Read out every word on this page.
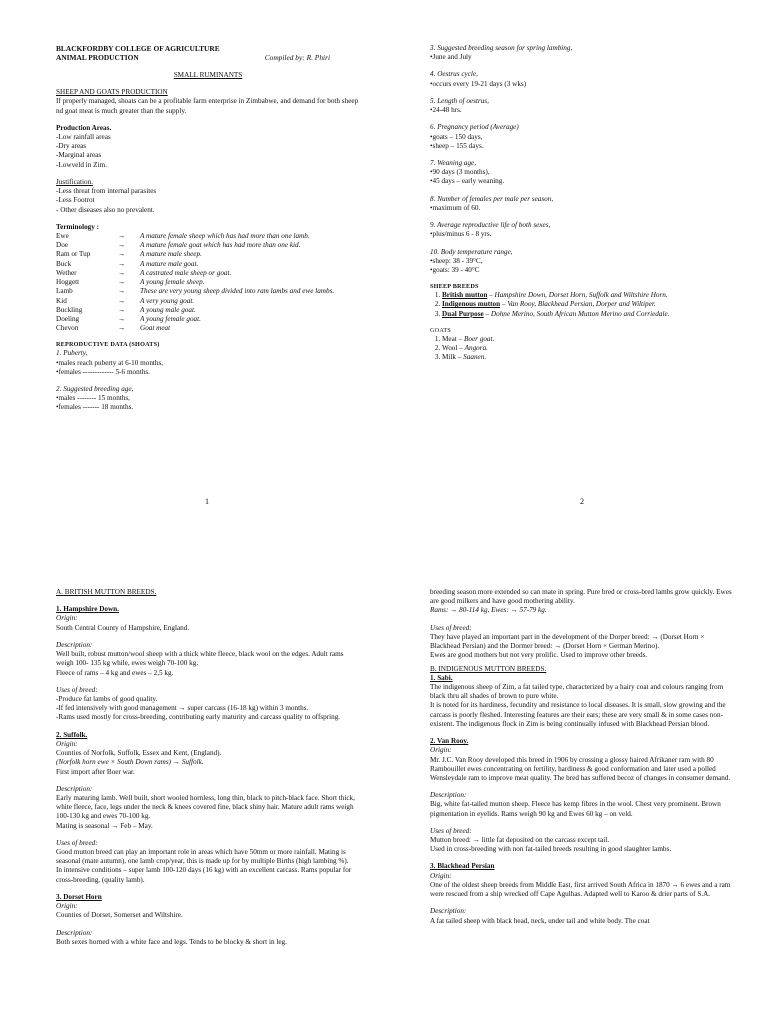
BLACKFORDBY COLLEGE OF AGRICULTURE
ANIMAL PRODUCTION	Compiled by: R. Phiri

SMALL RUMINANTS

SHEEP AND GOATS PRODUCTION

If properly managed, shoats can be a profitable farm enterprise in Zimbabwe, and demand for both sheep nd goat meat is much greater than the supply.

Production Areas.

-Low rainfall areas

-Dry areas

-Marginal areas

-Lowveld in Zim.

Justification.

-Less threat from internal parasites

-Less Footrot

- Other diseases also no prevalent.

Terminology :

Ewe	→	A mature female sheep which has had more than one lamb.
Doe	→	A mature female goat which has had more than one kid.
Ram or Tup	→	A mature male sheep.
Buck	→	A mature male goat.
Wether	→	A castrated male sheep or goat.
Hoggett	→	A young female sheep.
Lamb	→	These are very young sheep divided into ram lambs and ewe lambs.
Kid	→	A very young goat.
Buckling	→	A young male goat.
Doeling	→	A young female goat.
Chevon	→	Goat meat

REPRODUCTIVE DATA (SHOATS)

1. Puberty,

•males reach puberty at 6-10 months,

•females ------------- 5-6 months.

2. Suggested breeding age,

•males -------- 15 months,

•females ------- 18 months.

1

3. Suggested breeding season for spring lambing,

•June and July

4. Oestrus cycle,

•occurs every 19-21 days (3 wks)

5. Length of oestrus,

•24-48 hrs.

6. Pregnancy period (Average)

•goats – 150 days,

•sheep – 155 days.

7. Weaning age,

•90 days (3 months),

•45 days – early weaning.

8. Number of females per male per season,

•maximum of 60.

9. Average reproductive life of both sexes,

•plus/minus 6 - 8 yrs.

10. Body temperature range,

•sheep: 38 - 39°C,

•goats: 39 - 40°C

SHEEP BREEDS

1. British mutton – Hampshire Down, Dorset Horn, Suffolk and Wiltshire Horn.
2. Indigenous mutton – Van Rooy, Blackhead Persian, Dorper and Wiltiper.
3. Dual Purpose – Dohne Merino, South African Mutton Merino and Corriedale.

GOATS

1. Meat – Boer goat.
2. Wool – Angora.
3. Milk – Saanen.
2

A. BRITISH MUTTON BREEDS.

1. Hampshire Down.

Origin:

South Central County of Hampshire, England.

Description:

Well built, robust mutton/wool sheep with a thick white fleece, black wool on the edges. Adult rams weigh 100- 135 kg while, ewes weigh 70-100 kg.

Fleece of rams – 4 kg and ewes – 2,5 kg.

Uses of breed:

-Produce fat lambs of good quality.

-If fed intensively with good management → super carcass (16-18 kg) within 3 months.

-Rams used mostly for cross-breeding, contributing early maturity and carcass quality to offspring.

2. Suffolk.

Origin:

Counties of Norfolk, Suffolk, Essex and Kent, (England).

(Norfolk horn ewe × South Down rams) → Suffolk.

First import after Boer war.

Description:

Early maturing lamb. Well built, short wooled hornless, long thin, black to pitch-black face. Short thick, white fleece, face, legs under the neck & knees covered fine, black shiny hair. Mature adult rams weigh 100-130 kg and ewes 70-100 kg.

Mating is seasonal → Feb – May.

Uses of breed:

Good mutton breed can play an important role in areas which have 50mm or more rainfall. Mating is seasonal (mate autumn), one lamb crop/year, this is made up for by multiple Births (high lambing %).

In intensive conditions – super lamb 100-120 days (16 kg) with an excellent carcass. Rams popular for cross-breeding, (quality lamb).

3. Dorset Horn

Origin:

Counties of Dorset, Somerset and Wiltshire.

Description:

Both sexes horned with a white face and legs. Tends to be blocky & short in leg.

breeding season more extended so can mate in spring. Pure bred or cross-bred lambs grow quickly. Ewes are good milkers and have good mothering ability.

Rams: → 80-114 kg, Ewes: → 57-79 kg.

Uses of breed:

They have played an important part in the development of the Dorper breed: → (Dorset Horn × Blackhead Persian) and the Dormer breed: → (Dorset Horn × German Merino).

Ewes are good mothers but not very prolific. Used to improve other breeds.

B. INDIGENOUS MUTTON BREEDS.

1. Sabi.

The indigenous sheep of Zim, a fat tailed type, characterized by a hairy coat and colours ranging from black thru all shades of brown to pure white.

It is noted for its hardiness, fecundity and resistance to local diseases. It is small, slow growing and the carcass is poorly fleshed. Interesting features are their ears; these are very small & in some cases non-existent. The indigenous flock in Zim is being continually infused with Blackhead Persian blood.

2. Van Rooy.

Origin:

Mr. J.C. Van Rooy developed this breed in 1906 by crossing a glossy haired Afrikaner ram with 80 Rambouillet ewes concentrating on fertility, hardiness & good conformation and later used a polled Wensleydale ram to improve meat quality. The bred has suffered becoz of changes in consumer demand.

Description:

Big, white fat-tailed mutton sheep. Fleece has kemp fibres in the wool. Chest very prominent. Brown pigmentation in eyelids. Rams weigh 90 kg and Ewes 60 kg – on veld.

Uses of breed:

Mutton breed: → little fat deposited on the carcass except tail.

Used in cross-breeding with non fat-tailed breeds resulting in good slaughter lambs.

3. Blackhead Persian

Origin:

One of the oldest sheep breeds from Middle East, first arrived South Africa in 1870 → 6 ewes and a ram were rescued from a ship wrecked off Cape Agulhas. Adapted well to Karoo & drier parts of S.A.

Description:

A fat tailed sheep with black head, neck, under tail and white body. The coat
